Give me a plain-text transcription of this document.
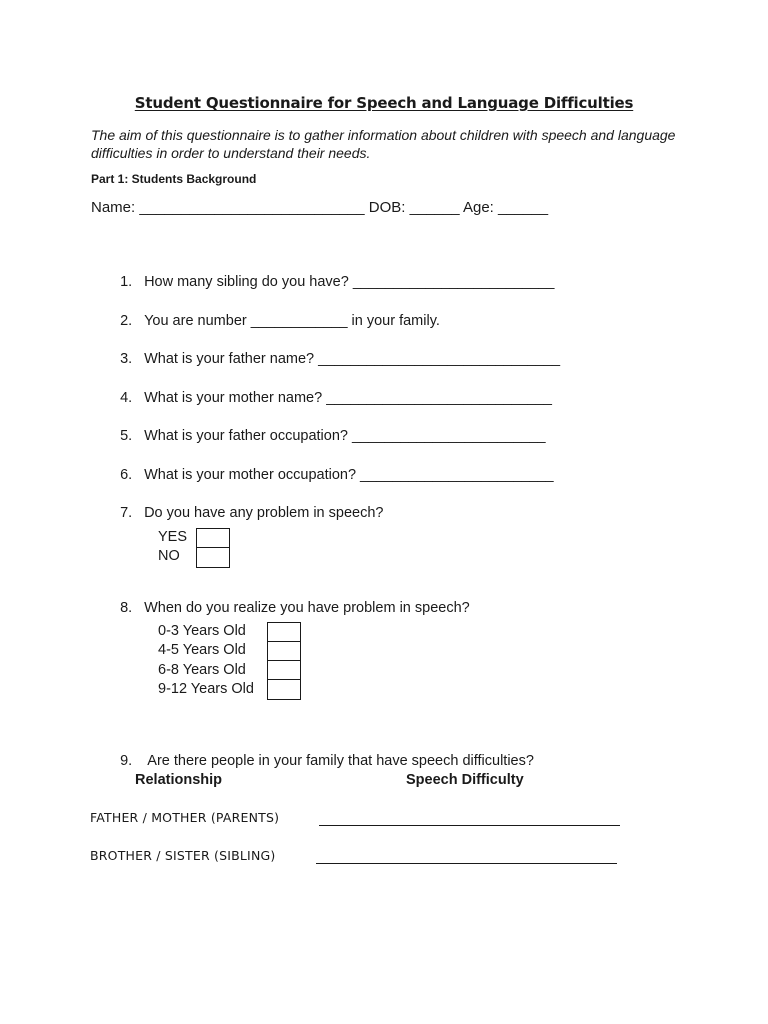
Student Questionnaire for Speech and Language Difficulties
The aim of this questionnaire is to gather information about children with speech and language difficulties in order to understand their needs.
Part 1: Students Background
Name: ___________________________ DOB: ______ Age: ______

1. How many sibling do you have? _________________________

2. You are number ____________ in your family.

3. What is your father name? ______________________________

4. What is your mother name? ____________________________

5. What is your father occupation? ________________________

6. What is your mother occupation? ________________________

7. Do you have any problem in speech?

YES
NO

8. When do you realize you have problem in speech?

0-3 Years Old
4-5 Years Old
6-8 Years Old
9-12 Years Old

9. Are there people in your family that have speech difficulties?

Relationship	Speech Difficulty
FATHER / MOTHER (PARENTS)
BROTHER / SISTER (SIBLING)
